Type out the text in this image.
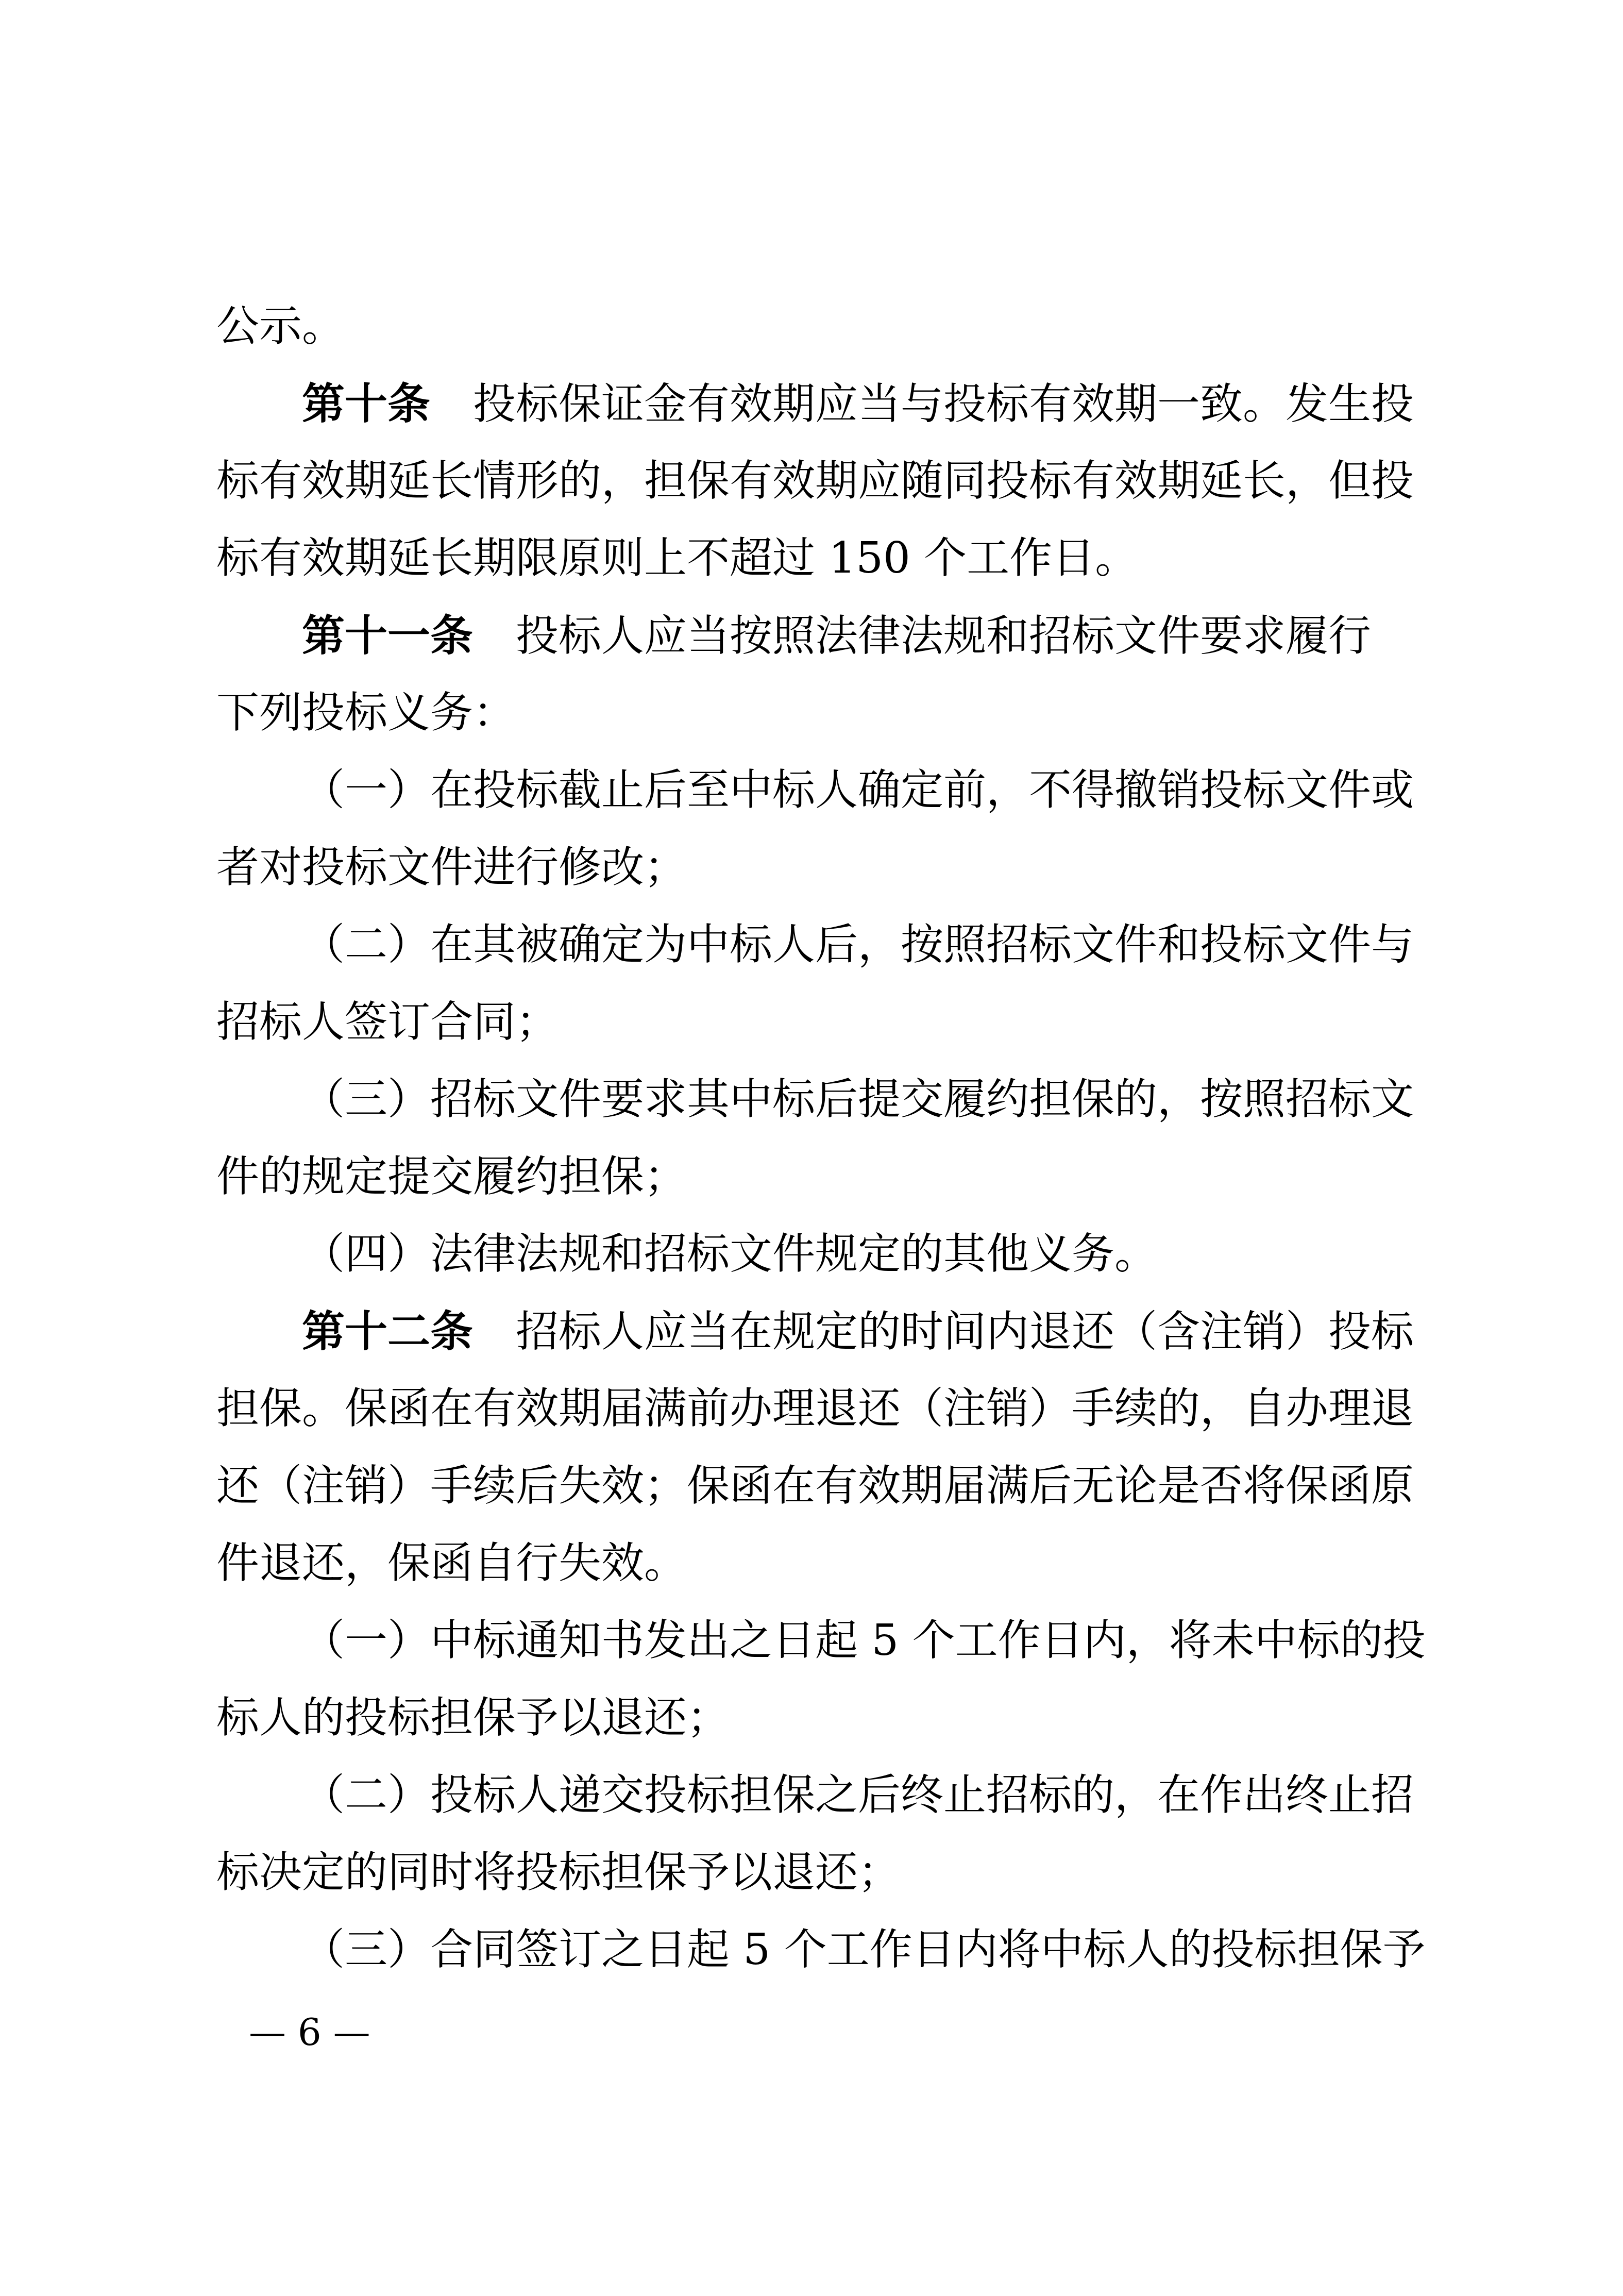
公示。
第十条　投标保证金有效期应当与投标有效期一致。发生投
标有效期延长情形的，担保有效期应随同投标有效期延长，但投
标有效期延长期限原则上不超过 150 个工作日。
第十一条　投标人应当按照法律法规和招标文件要求履行
下列投标义务：
（一）在投标截止后至中标人确定前，不得撤销投标文件或
者对投标文件进行修改；
（二）在其被确定为中标人后，按照招标文件和投标文件与
招标人签订合同；
（三）招标文件要求其中标后提交履约担保的，按照招标文
件的规定提交履约担保；
（四）法律法规和招标文件规定的其他义务。
第十二条　招标人应当在规定的时间内退还（含注销）投标
担保。保函在有效期届满前办理退还（注销）手续的，自办理退
还（注销）手续后失效；保函在有效期届满后无论是否将保函原
件退还，保函自行失效。
（一）中标通知书发出之日起 5 个工作日内，将未中标的投
标人的投标担保予以退还；
（二）投标人递交投标担保之后终止招标的，在作出终止招
标决定的同时将投标担保予以退还；
（三）合同签订之日起 5 个工作日内将中标人的投标担保予
— 6 —
